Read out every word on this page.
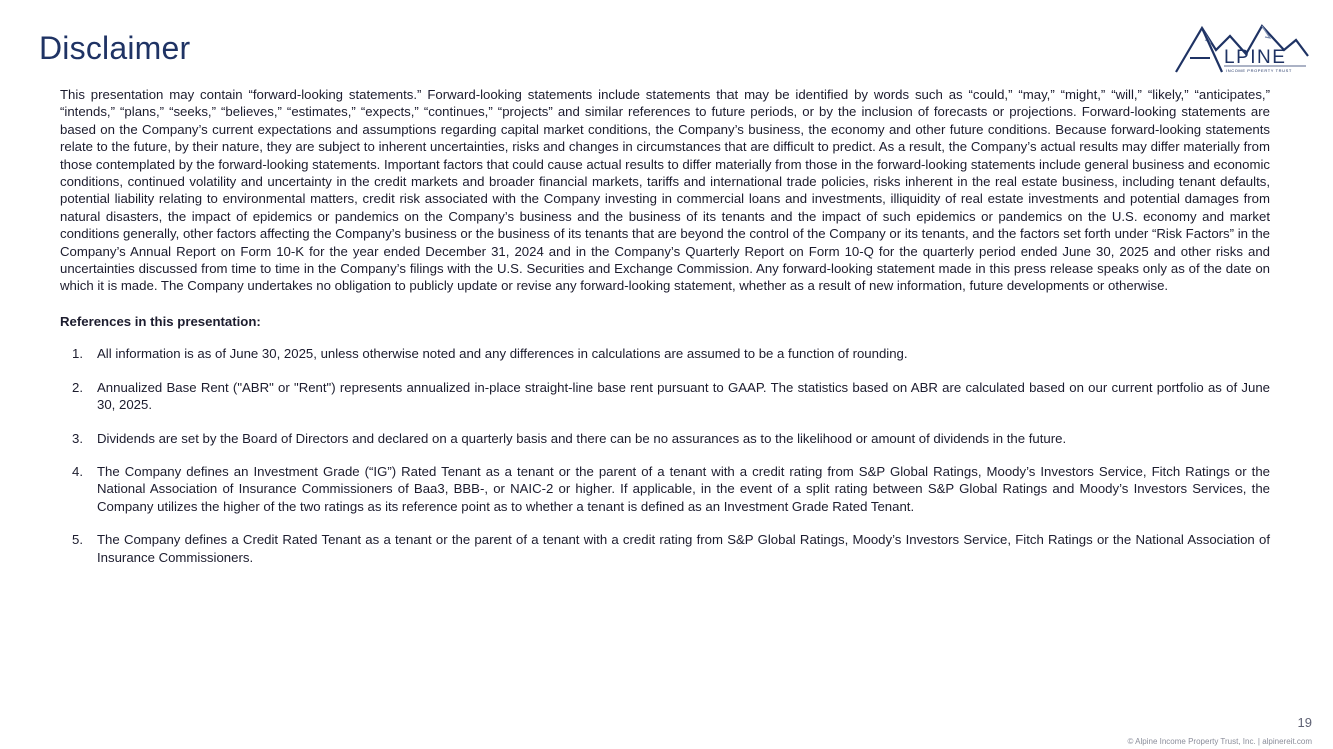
Disclaimer	LPINE
INCOME PROPERTY TRUST

This presentation may contain “forward-looking statements.” Forward-looking statements include statements that may be identified by words such as “could,” “may,” “might,” “will,” “likely,” “anticipates,” “intends,” “plans,” “seeks,” “believes,” “estimates,” “expects,” “continues,” “projects” and similar references to future periods, or by the inclusion of forecasts or projections. Forward-looking statements are based on the Company’s current expectations and assumptions regarding capital market conditions, the Company’s business, the economy and other future conditions. Because forward-looking statements relate to the future, by their nature, they are subject to inherent uncertainties, risks and changes in circumstances that are difficult to predict. As a result, the Company’s actual results may differ materially from those contemplated by the forward-looking statements. Important factors that could cause actual results to differ materially from those in the forward-looking statements include general business and economic conditions, continued volatility and uncertainty in the credit markets and broader financial markets, tariffs and international trade policies, risks inherent in the real estate business, including tenant defaults, potential liability relating to environmental matters, credit risk associated with the Company investing in commercial loans and investments, illiquidity of real estate investments and potential damages from natural disasters, the impact of epidemics or pandemics on the Company’s business and the business of its tenants and the impact of such epidemics or pandemics on the U.S. economy and market conditions generally, other factors affecting the Company’s business or the business of its tenants that are beyond the control of the Company or its tenants, and the factors set forth under “Risk Factors” in the Company’s Annual Report on Form 10-K for the year ended December 31, 2024 and in the Company’s Quarterly Report on Form 10-Q for the quarterly period ended June 30, 2025 and other risks and uncertainties discussed from time to time in the Company’s filings with the U.S. Securities and Exchange Commission. Any forward-looking statement made in this press release speaks only as of the date on which it is made. The Company undertakes no obligation to publicly update or revise any forward-looking statement, whether as a result of new information, future developments or otherwise.

References in this presentation:
1. All information is as of June 30, 2025, unless otherwise noted and any differences in calculations are assumed to be a function of rounding.
2. Annualized Base Rent ("ABR" or "Rent") represents annualized in-place straight-line base rent pursuant to GAAP. The statistics based on ABR are calculated based on our current portfolio as of June 30, 2025.
3. Dividends are set by the Board of Directors and declared on a quarterly basis and there can be no assurances as to the likelihood or amount of dividends in the future.
4. The Company defines an Investment Grade (“IG”) Rated Tenant as a tenant or the parent of a tenant with a credit rating from S&P Global Ratings, Moody’s Investors Service, Fitch Ratings or the National Association of Insurance Commissioners of Baa3, BBB-, or NAIC-2 or higher. If applicable, in the event of a split rating between S&P Global Ratings and Moody’s Investors Services, the Company utilizes the higher of the two ratings as its reference point as to whether a tenant is defined as an Investment Grade Rated Tenant.
5. The Company defines a Credit Rated Tenant as a tenant or the parent of a tenant with a credit rating from S&P Global Ratings, Moody’s Investors Service, Fitch Ratings or the National Association of Insurance Commissioners.
19
© Alpine Income Property Trust, Inc. | alpinereit.com
